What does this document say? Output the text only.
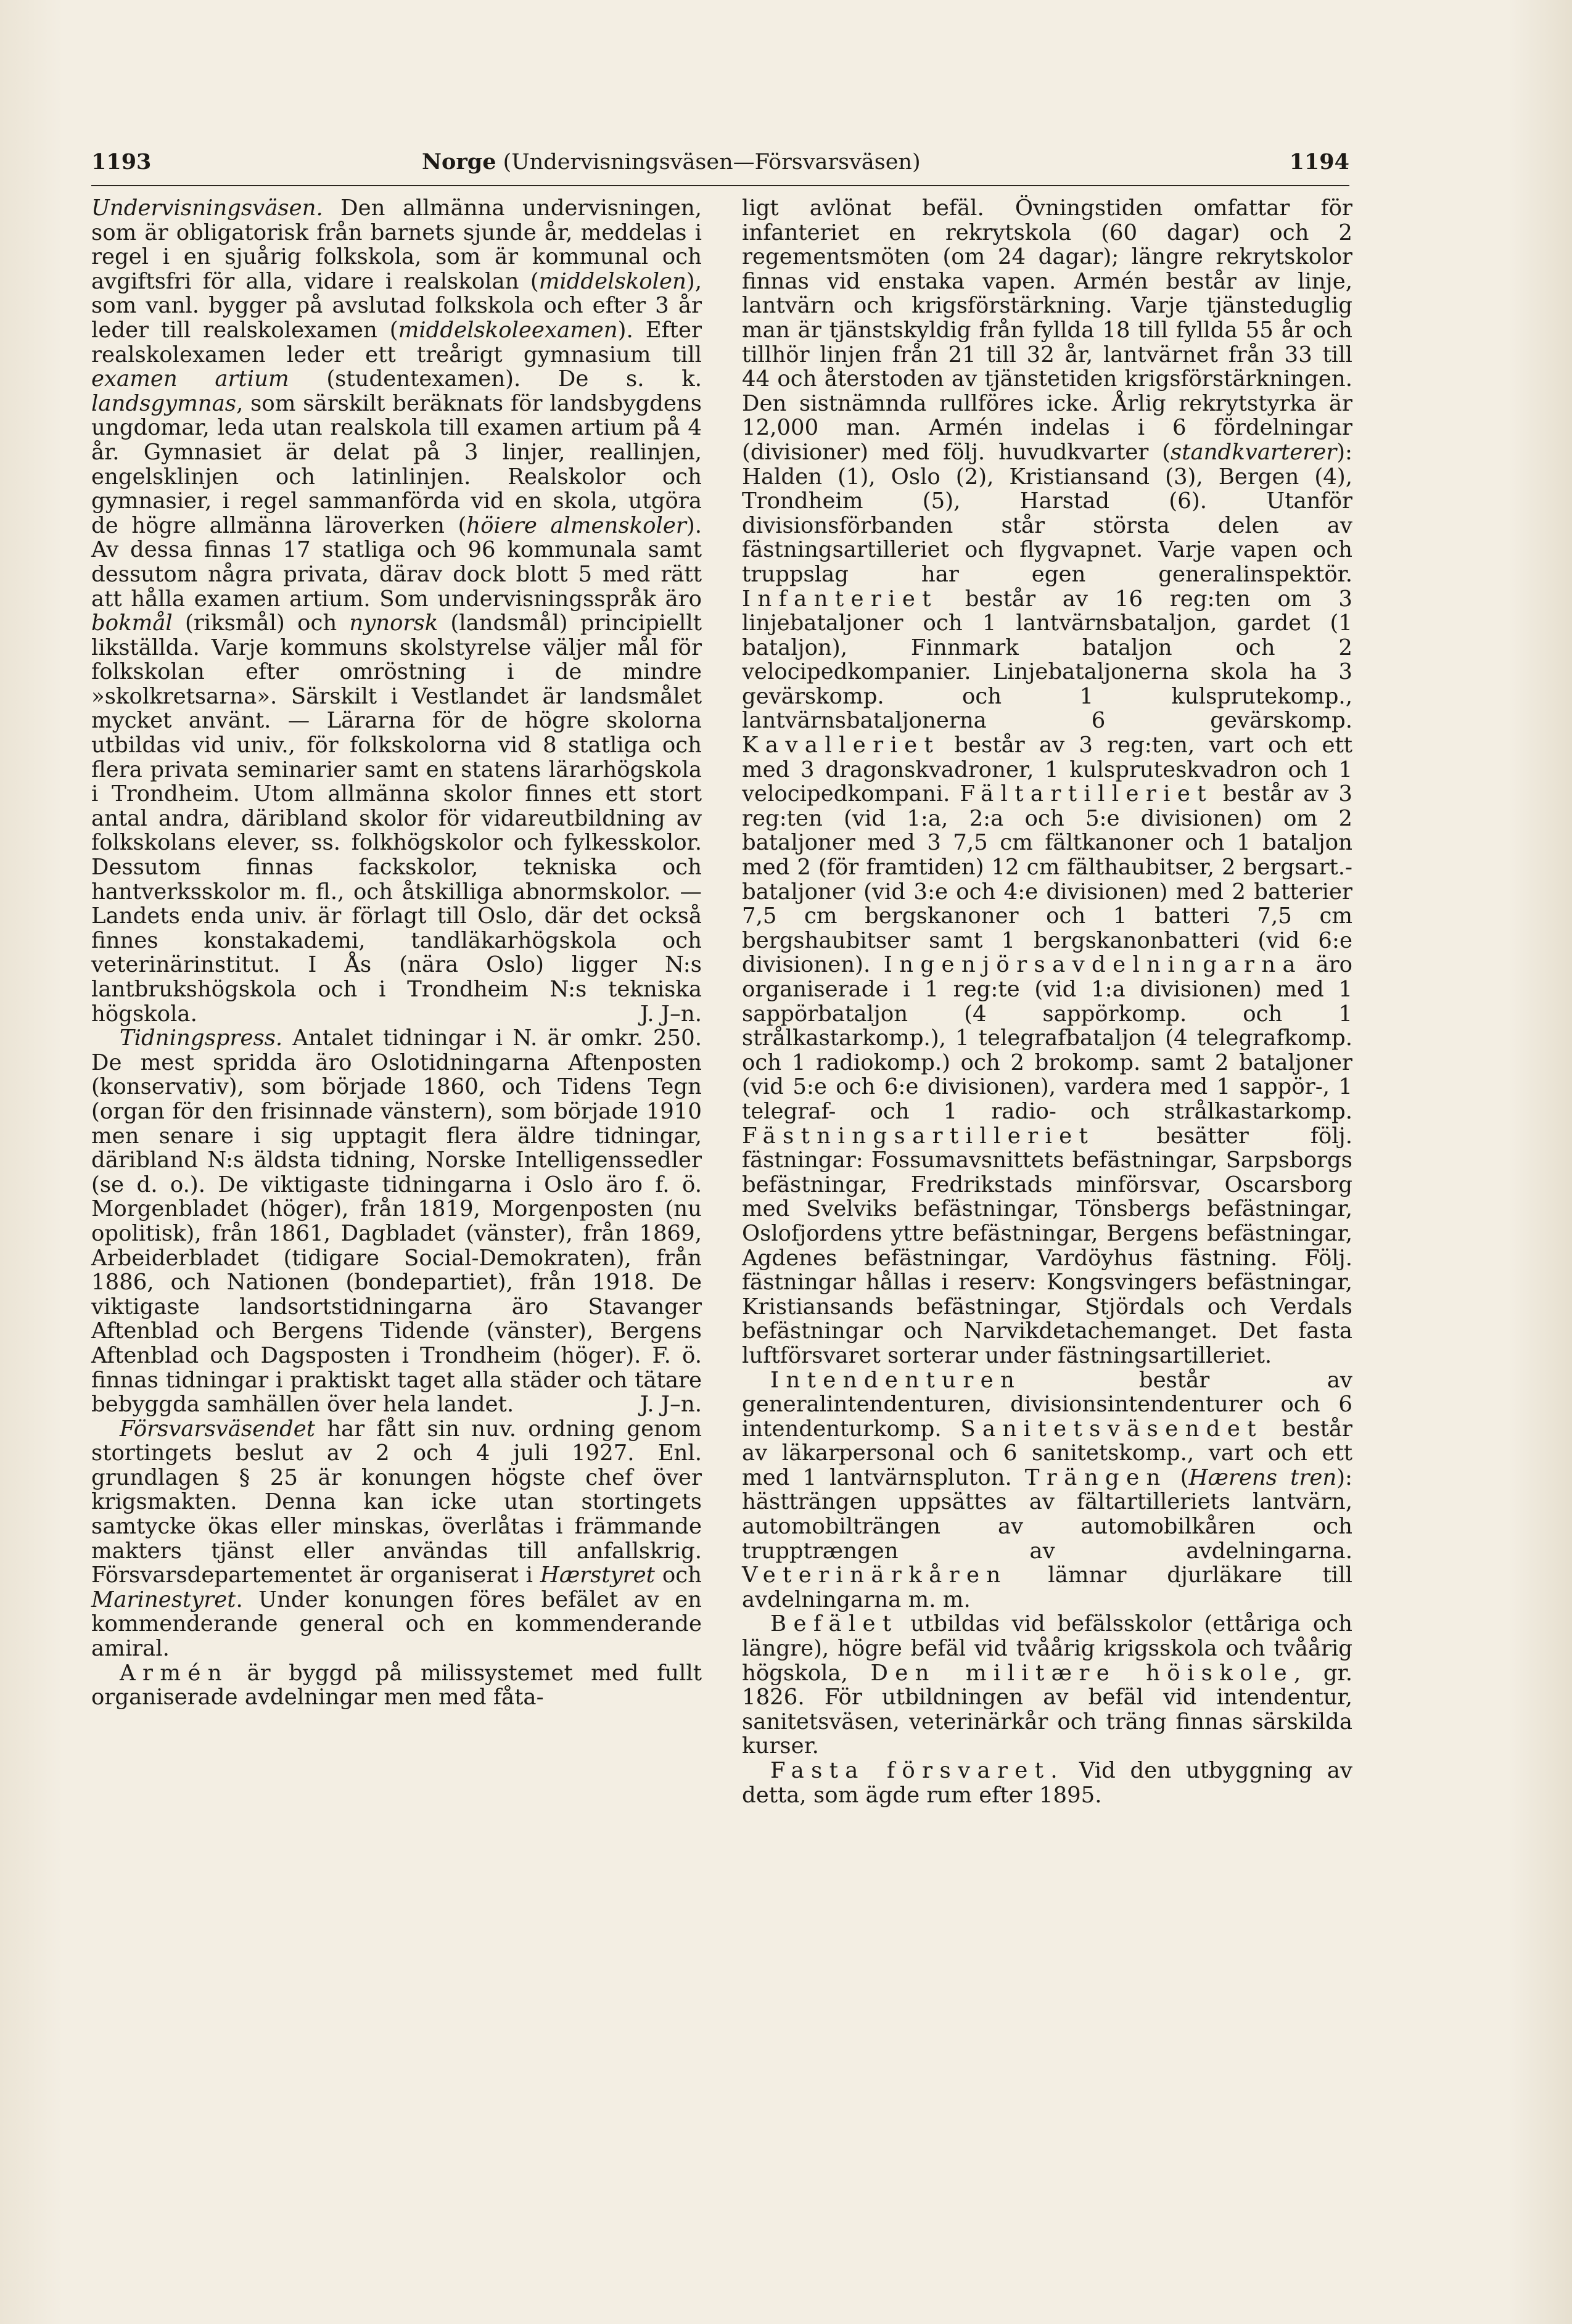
1193	Norge (Undervisningsväsen—Försvarsväsen)	1194

Undervisningsväsen. Den allmänna undervisningen, som är obligatorisk från barnets sjunde år, meddelas i regel i en sjuårig folkskola, som är kommunal och avgiftsfri för alla, vidare i realskolan (middelskolen), som vanl. bygger på avslutad folkskola och efter 3 år leder till realskolexamen (middelskoleexamen). Efter realskolexamen leder ett treårigt gymnasium till examen artium (studentexamen). De s. k. landsgymnas, som särskilt beräknats för landsbygdens ungdomar, leda utan realskola till examen artium på 4 år. Gymnasiet är delat på 3 linjer, reallinjen, engelsklinjen och latinlinjen. Realskolor och gymnasier, i regel sammanförda vid en skola, utgöra de högre allmänna läroverken (höiere almenskoler). Av dessa finnas 17 statliga och 96 kommunala samt dessutom några privata, därav dock blott 5 med rätt att hålla examen artium. Som undervisningsspråk äro bokmål (riksmål) och nynorsk (landsmål) principiellt likställda. Varje kommuns skolstyrelse väljer mål för folkskolan efter omröstning i de mindre »skolkretsarna». Särskilt i Vestlandet är landsmålet mycket använt. — Lärarna för de högre skolorna utbildas vid univ., för folkskolorna vid 8 statliga och flera privata seminarier samt en statens lärarhögskola i Trondheim. Utom allmänna skolor finnes ett stort antal andra, däribland skolor för vidareutbildning av folkskolans elever, ss. folkhögskolor och fylkesskolor. Dessutom finnas fackskolor, tekniska och hantverksskolor m. fl., och åtskilliga abnormskolor. — Landets enda univ. är förlagt till Oslo, där det också finnes konstakademi, tandläkarhögskola och veterinärinstitut. I Ås (nära Oslo) ligger N:s lantbrukshögskola och i Trondheim N:s tekniska högskola.	J. J–n.

Tidningspress. Antalet tidningar i N. är omkr. 250. De mest spridda äro Oslotidningarna Aftenposten (konservativ), som började 1860, och Tidens Tegn (organ för den frisinnade vänstern), som började 1910 men senare i sig upptagit flera äldre tidningar, däribland N:s äldsta tidning, Norske Intelligenssedler (se d. o.). De viktigaste tidningarna i Oslo äro f. ö. Morgenbladet (höger), från 1819, Morgenposten (nu opolitisk), från 1861, Dagbladet (vänster), från 1869, Arbeiderbladet (tidigare Social-Demokraten), från 1886, och Nationen (bondepartiet), från 1918. De viktigaste landsortstidningarna äro Stavanger Aftenblad och Bergens Tidende (vänster), Bergens Aftenblad och Dagsposten i Trondheim (höger). F. ö. finnas tidningar i praktiskt taget alla städer och tätare bebyggda samhällen över hela landet.	J. J–n.

Försvarsväsendet har fått sin nuv. ordning genom stortingets beslut av 2 och 4 juli 1927. Enl. grundlagen § 25 är konungen högste chef över krigsmakten. Denna kan icke utan stortingets samtycke ökas eller minskas, överlåtas i främmande makters tjänst eller användas till anfallskrig. Försvarsdepartementet är organiserat i Hærstyret och Marinestyret. Under konungen föres befälet av en kommenderande general och en kommenderande amiral.

Armén är byggd på milissystemet med fullt organiserade avdelningar men med fåta-

ligt avlönat befäl. Övningstiden omfattar för infanteriet en rekrytskola (60 dagar) och 2 regementsmöten (om 24 dagar); längre rekrytskolor finnas vid enstaka vapen. Armén består av linje, lantvärn och krigsförstärkning. Varje tjänsteduglig man är tjänstskyldig från fyllda 18 till fyllda 55 år och tillhör linjen från 21 till 32 år, lantvärnet från 33 till 44 och återstoden av tjänstetiden krigsförstärkningen. Den sistnämnda rullföres icke. Årlig rekrytstyrka är 12,000 man. Armén indelas i 6 fördelningar (divisioner) med följ. huvudkvarter (standkvarterer): Halden (1), Oslo (2), Kristiansand (3), Bergen (4), Trondheim (5), Harstad (6). Utanför divisionsförbanden står största delen av fästningsartilleriet och flygvapnet. Varje vapen och truppslag har egen generalinspektör. Infanteriet består av 16 reg:ten om 3 linjebataljoner och 1 lantvärnsbataljon, gardet (1 bataljon), Finnmark bataljon och 2 velocipedkompanier. Linjebataljonerna skola ha 3 gevärskomp. och 1 kulsprutekomp., lantvärnsbataljonerna 6 gevärskomp. Kavalleriet består av 3 reg:ten, vart och ett med 3 dragonskvadroner, 1 kulspruteskvadron och 1 velocipedkompani. Fältartilleriet består av 3 reg:ten (vid 1:a, 2:a och 5:e divisionen) om 2 bataljoner med 3 7,5 cm fältkanoner och 1 bataljon med 2 (för framtiden) 12 cm fälthaubitser, 2 bergsart.-bataljoner (vid 3:e och 4:e divisionen) med 2 batterier 7,5 cm bergskanoner och 1 batteri 7,5 cm bergshaubitser samt 1 bergskanonbatteri (vid 6:e divisionen). Ingenjörsavdelningarna äro organiserade i 1 reg:te (vid 1:a divisionen) med 1 sappörbataljon (4 sappörkomp. och 1 strålkastarkomp.), 1 telegrafbataljon (4 telegrafkomp. och 1 radiokomp.) och 2 brokomp. samt 2 bataljoner (vid 5:e och 6:e divisionen), vardera med 1 sappör-, 1 telegraf- och 1 radio- och strålkastarkomp. Fästningsartilleriet besätter följ. fästningar: Fossumavsnittets befästningar, Sarpsborgs befästningar, Fredrikstads minförsvar, Oscarsborg med Svelviks befästningar, Tönsbergs befästningar, Oslofjordens yttre befästningar, Bergens befästningar, Agdenes befästningar, Vardöyhus fästning. Följ. fästningar hållas i reserv: Kongsvingers befästningar, Kristiansands befästningar, Stjördals och Verdals befästningar och Narvikdetachemanget. Det fasta luftförsvaret sorterar under fästningsartilleriet.

Intendenturen består av generalintendenturen, divisionsintendenturer och 6 intendenturkomp. Sanitetsväsendet består av läkarpersonal och 6 sanitetskomp., vart och ett med 1 lantvärnspluton. Trängen (Hærens tren): hästträngen uppsättes av fältartilleriets lantvärn, automobilträngen av automobilkåren och trupptrængen av avdelningarna. Veterinärkåren lämnar djurläkare till avdelningarna m. m.

Befälet utbildas vid befälsskolor (ettåriga och längre), högre befäl vid tvåårig krigsskola och tvåårig högskola, Den militære höiskole, gr. 1826. För utbildningen av befäl vid intendentur, sanitetsväsen, veterinärkår och träng finnas särskilda kurser.

Fasta försvaret. Vid den utbyggning av detta, som ägde rum efter 1895.
